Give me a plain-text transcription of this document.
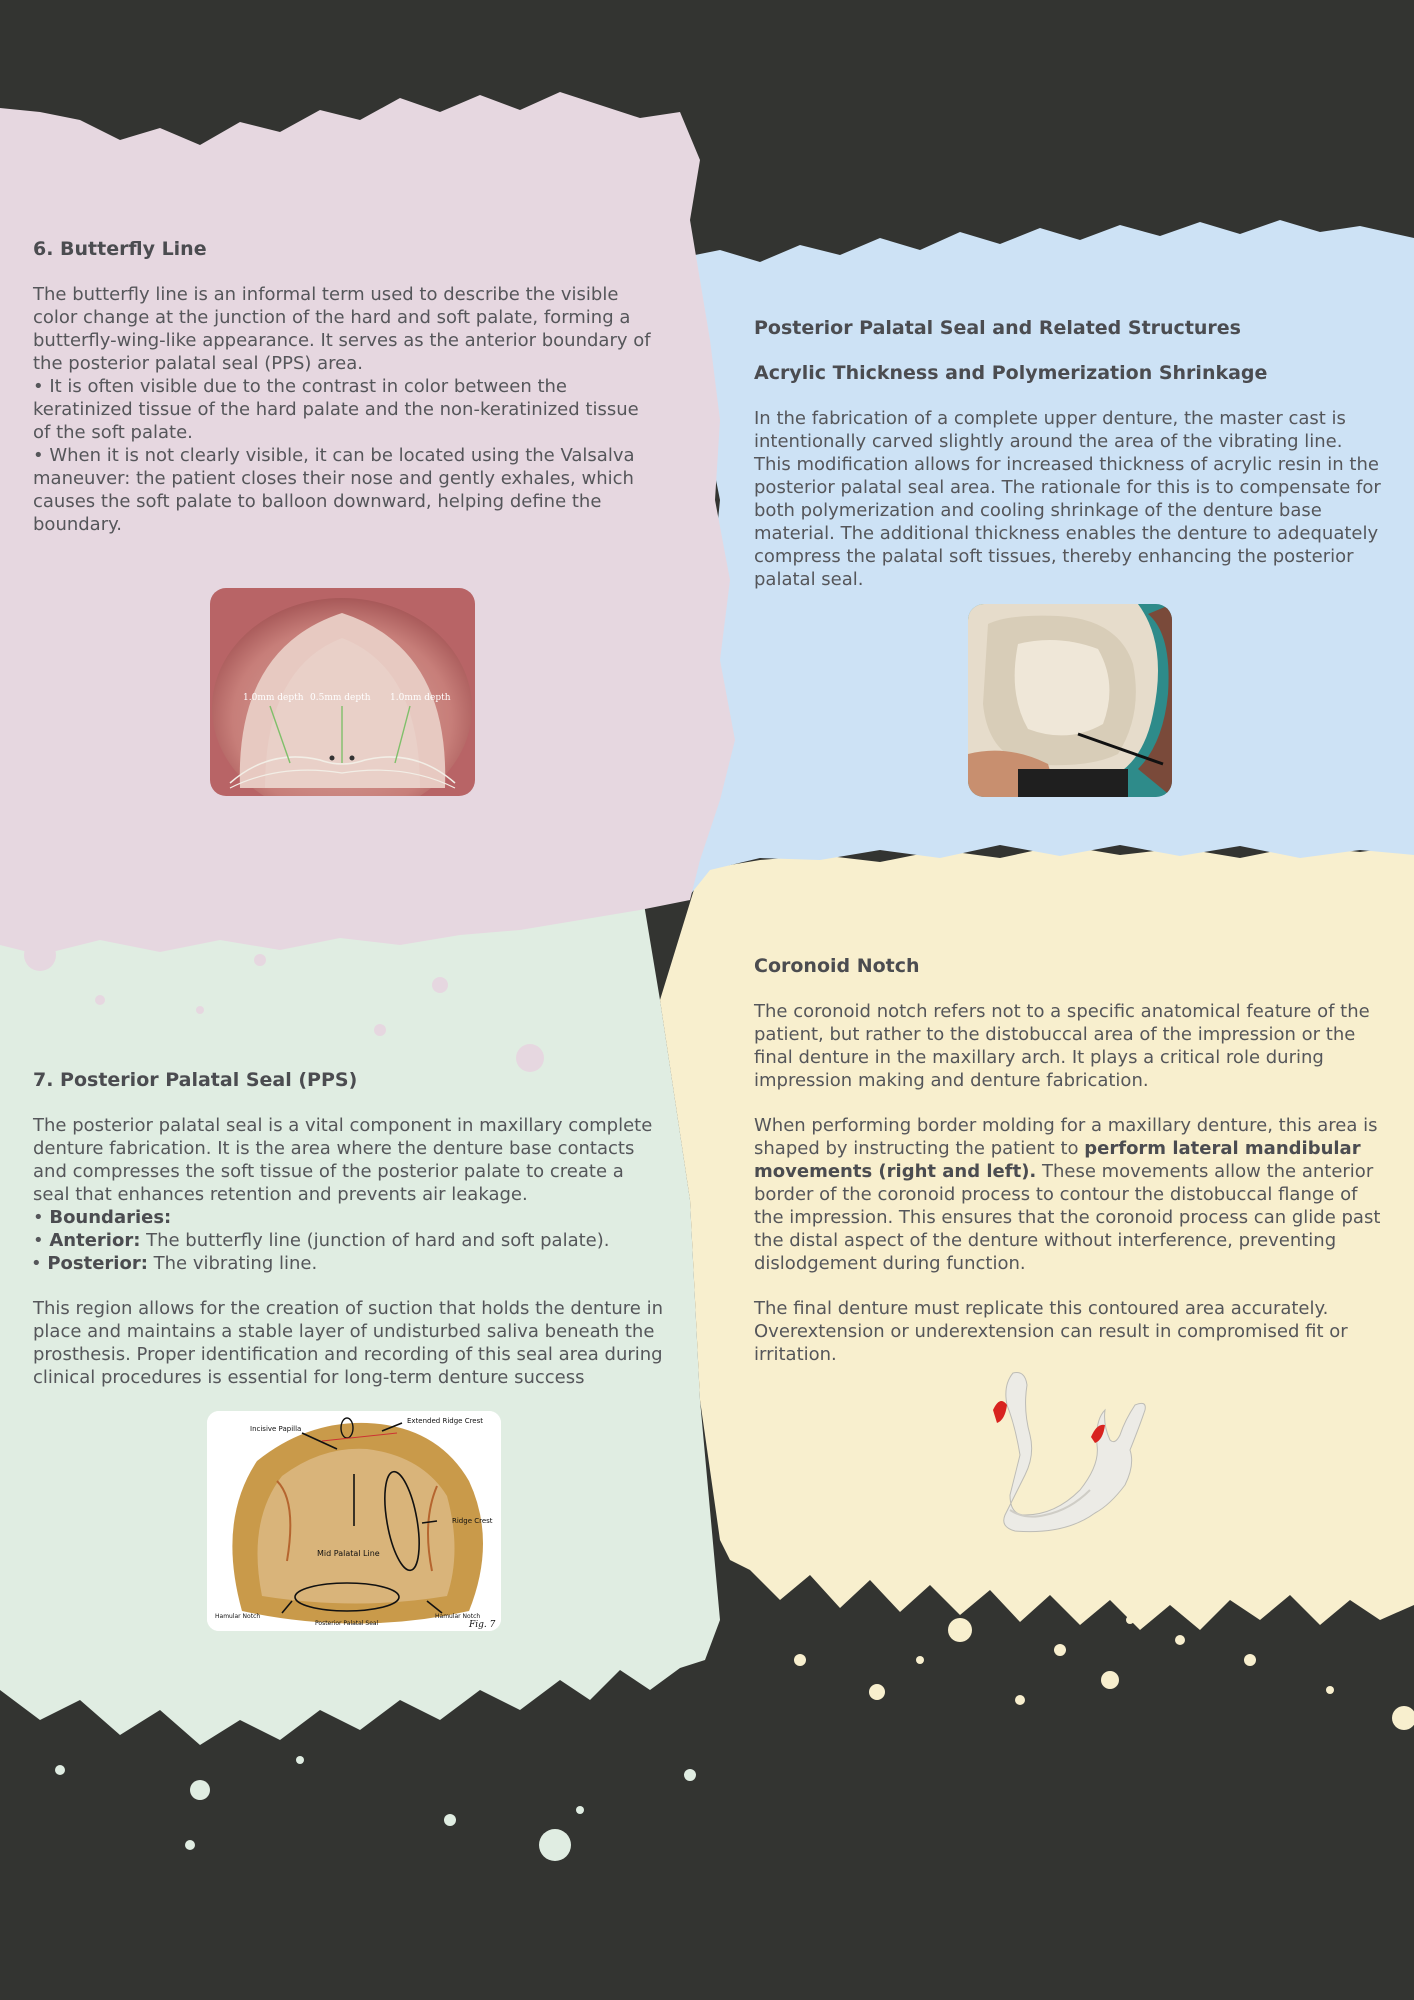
6. Butterfly Line

The butterfly line is an informal term used to describe the visible color change at the junction of the hard and soft palate, forming a butterfly-wing-like appearance. It serves as the anterior boundary of the posterior palatal seal (PPS) area.

• It is often visible due to the contrast in color between the keratinized tissue of the hard palate and the non-keratinized tissue of the soft palate.

• When it is not clearly visible, it can be located using the Valsalva maneuver: the patient closes their nose and gently exhales, which causes the soft palate to balloon downward, helping define the boundary.

1.0mm depth 0.5mm depth 1.0mm depth
Posterior Palatal Seal and Related Structures
Acrylic Thickness and Polymerization Shrinkage

In the fabrication of a complete upper denture, the master cast is intentionally carved slightly around the area of the vibrating line. This modification allows for increased thickness of acrylic resin in the posterior palatal seal area. The rationale for this is to compensate for both polymerization and cooling shrinkage of the denture base material. The additional thickness enables the denture to adequately compress the palatal soft tissues, thereby enhancing the posterior palatal seal.

7. Posterior Palatal Seal (PPS)

The posterior palatal seal is a vital component in maxillary complete denture fabrication. It is the area where the denture base contacts and compresses the soft tissue of the posterior palate to create a seal that enhances retention and prevents air leakage.

• Boundaries:

• Anterior: The butterfly line (junction of hard and soft palate).

• Posterior: The vibrating line.

This region allows for the creation of suction that holds the denture in place and maintains a stable layer of undisturbed saliva beneath the prosthesis. Proper identification and recording of this seal area during clinical procedures is essential for long-term denture success

Incisive Papilla
Extended Ridge Crest
Ridge Crest
Mid Palatal Line
Hamular Notch	Hamular Notch
Posterior Palatal Seal	Fig. 7
Coronoid Notch

The coronoid notch refers not to a specific anatomical feature of the patient, but rather to the distobuccal area of the impression or the final denture in the maxillary arch. It plays a critical role during impression making and denture fabrication.

When performing border molding for a maxillary denture, this area is shaped by instructing the patient to perform lateral mandibular movements (right and left). These movements allow the anterior border of the coronoid process to contour the distobuccal flange of the impression. This ensures that the coronoid process can glide past the distal aspect of the denture without interference, preventing dislodgement during function.

The final denture must replicate this contoured area accurately. Overextension or underextension can result in compromised fit or irritation.
